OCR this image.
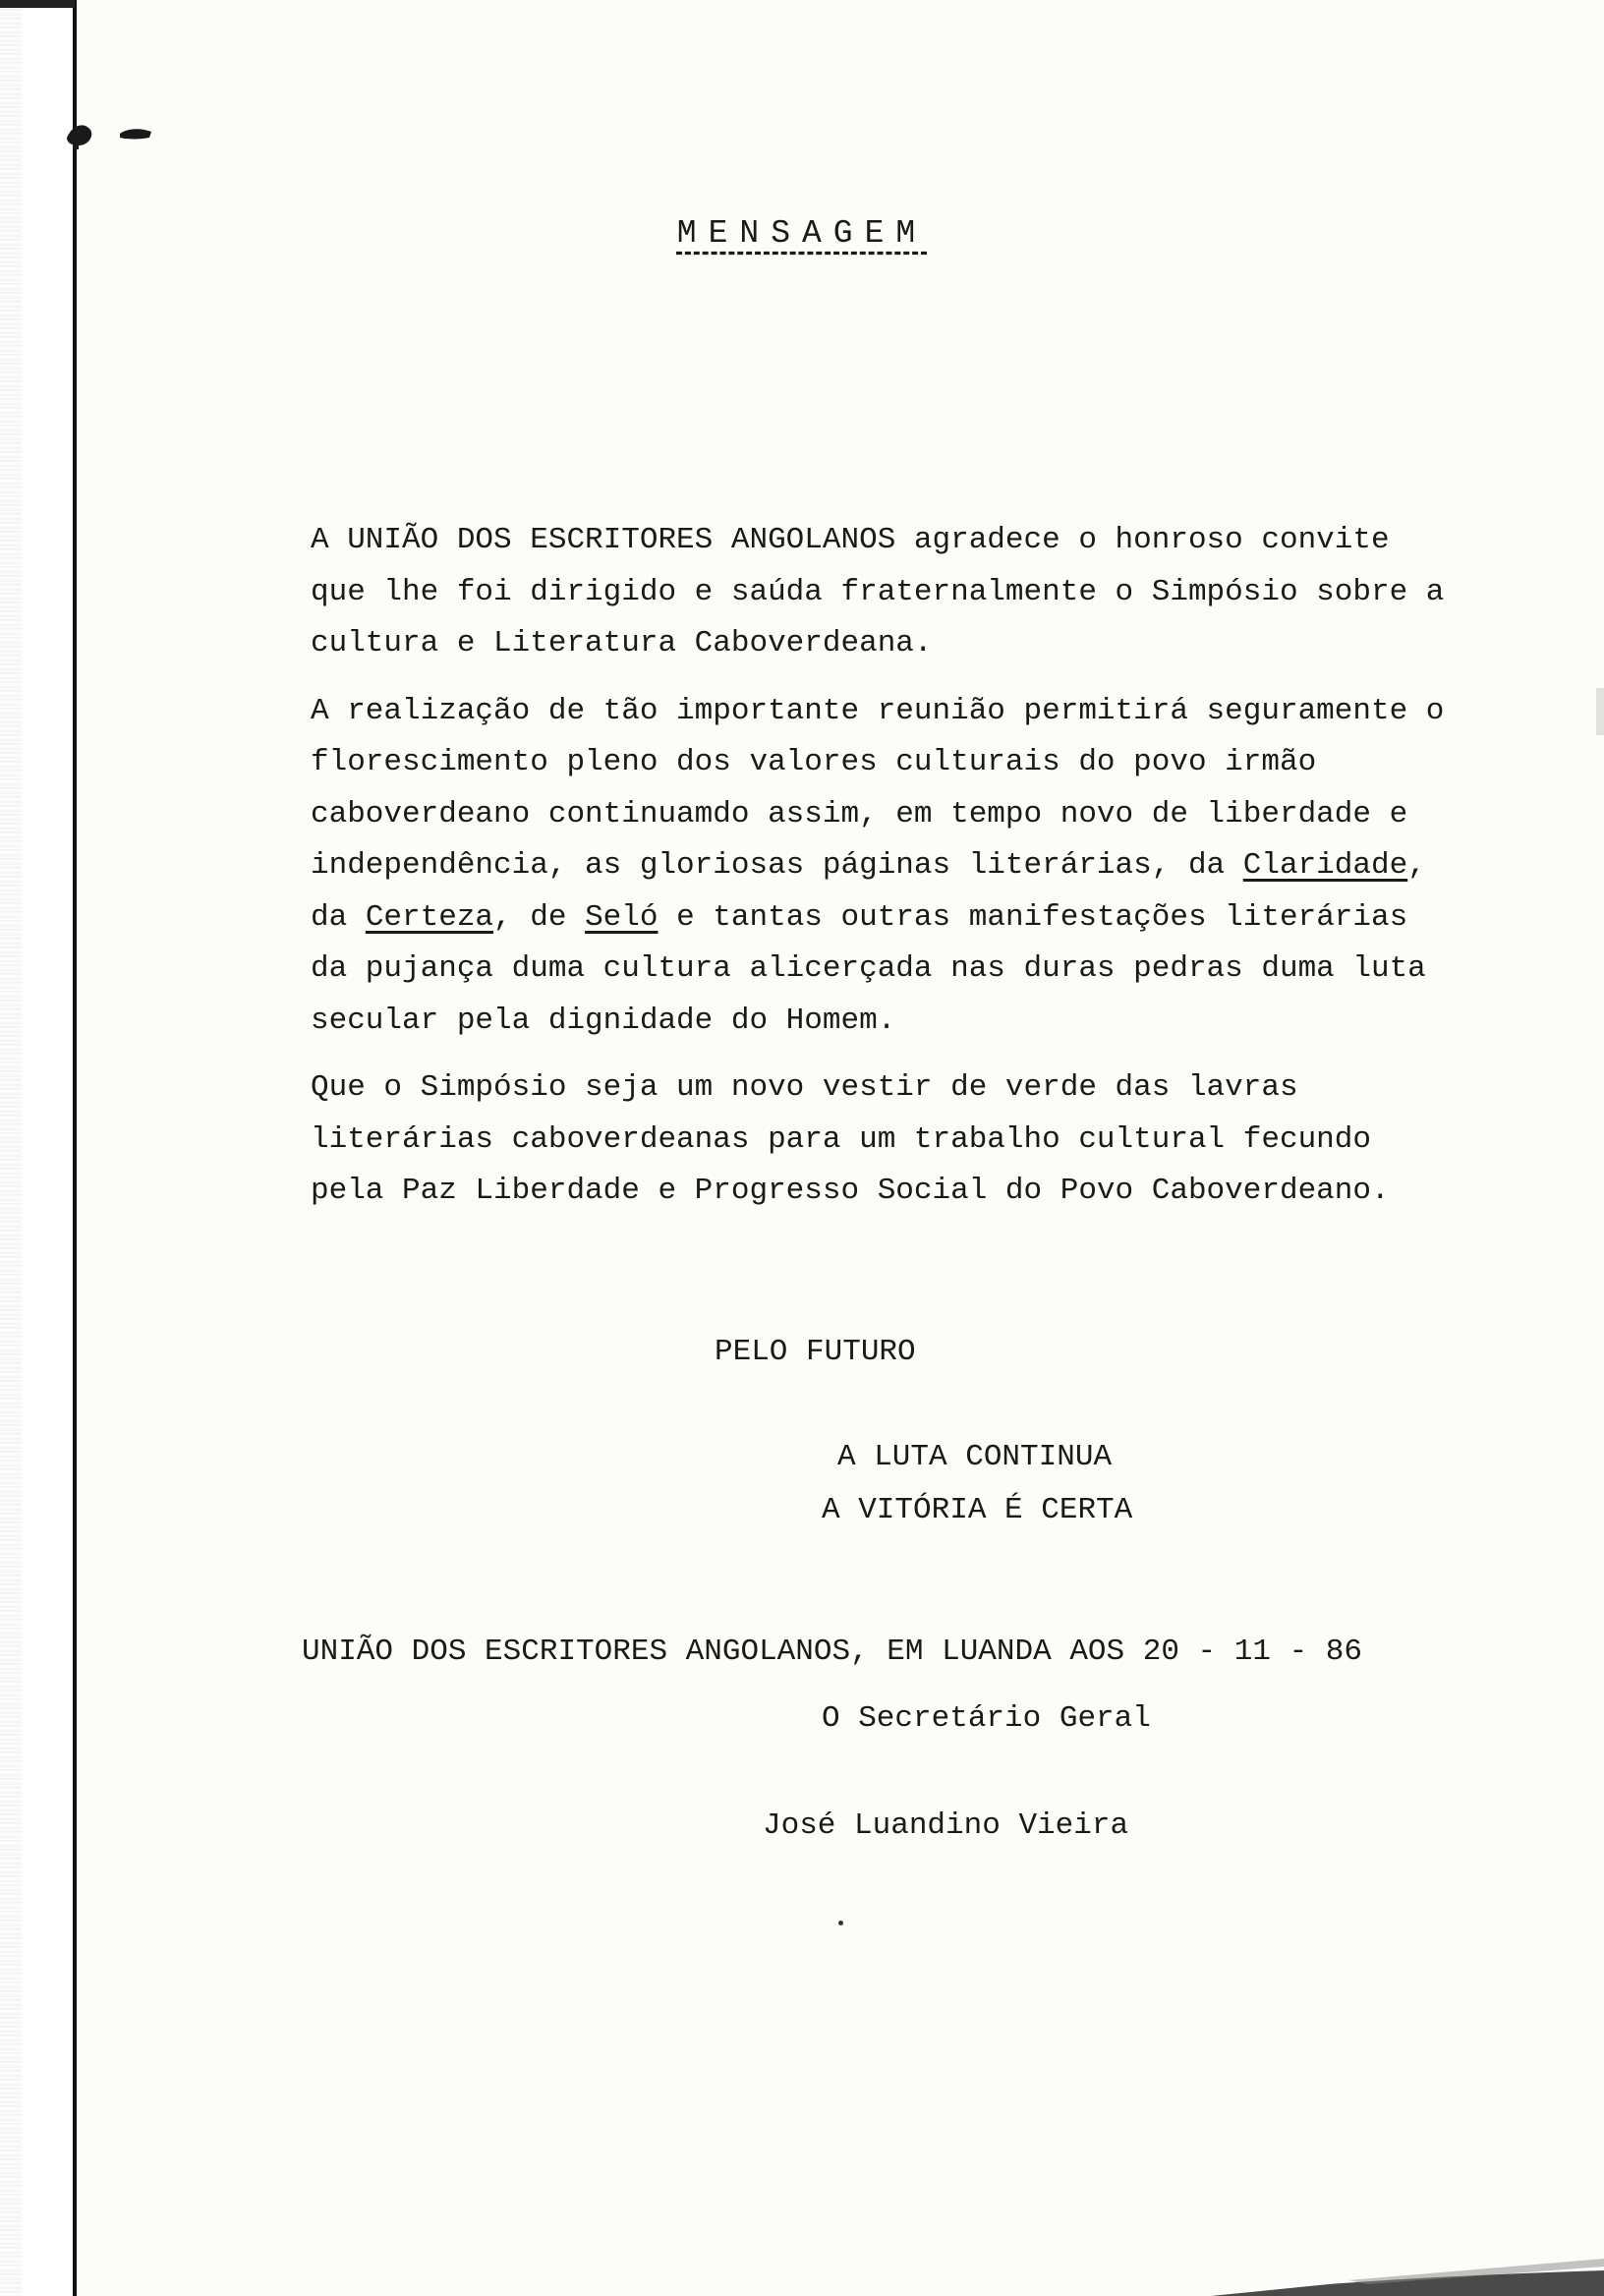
MENSAGEM

A UNIÃO DOS ESCRITORES ANGOLANOS agradece o honroso convite que lhe foi dirigido e saúda fraternalmente o Simpósio sobre a cultura e Literatura Caboverdeana.

A realização de tão importante reunião permitirá seguramente o florescimento pleno dos valores culturais do povo irmão caboverdeano continuamdo assim, em tempo novo de liberdade e independência, as gloriosas páginas literárias, da Claridade, da Certeza, de Seló e tantas outras manifestações literárias da pujança duma cultura alicerçada nas duras pedras duma luta secular pela dignidade do Homem.

Que o Simpósio seja um novo vestir de verde das lavras literárias caboverdeanas para um trabalho cultural fecundo pela Paz Liberdade e Progresso Social do Povo Caboverdeano.

PELO FUTURO
A LUTA CONTINUA
A VITÓRIA É CERTA
UNIÃO DOS ESCRITORES ANGOLANOS, EM LUANDA AOS 20 - 11 - 86
O Secretário Geral
José Luandino Vieira
